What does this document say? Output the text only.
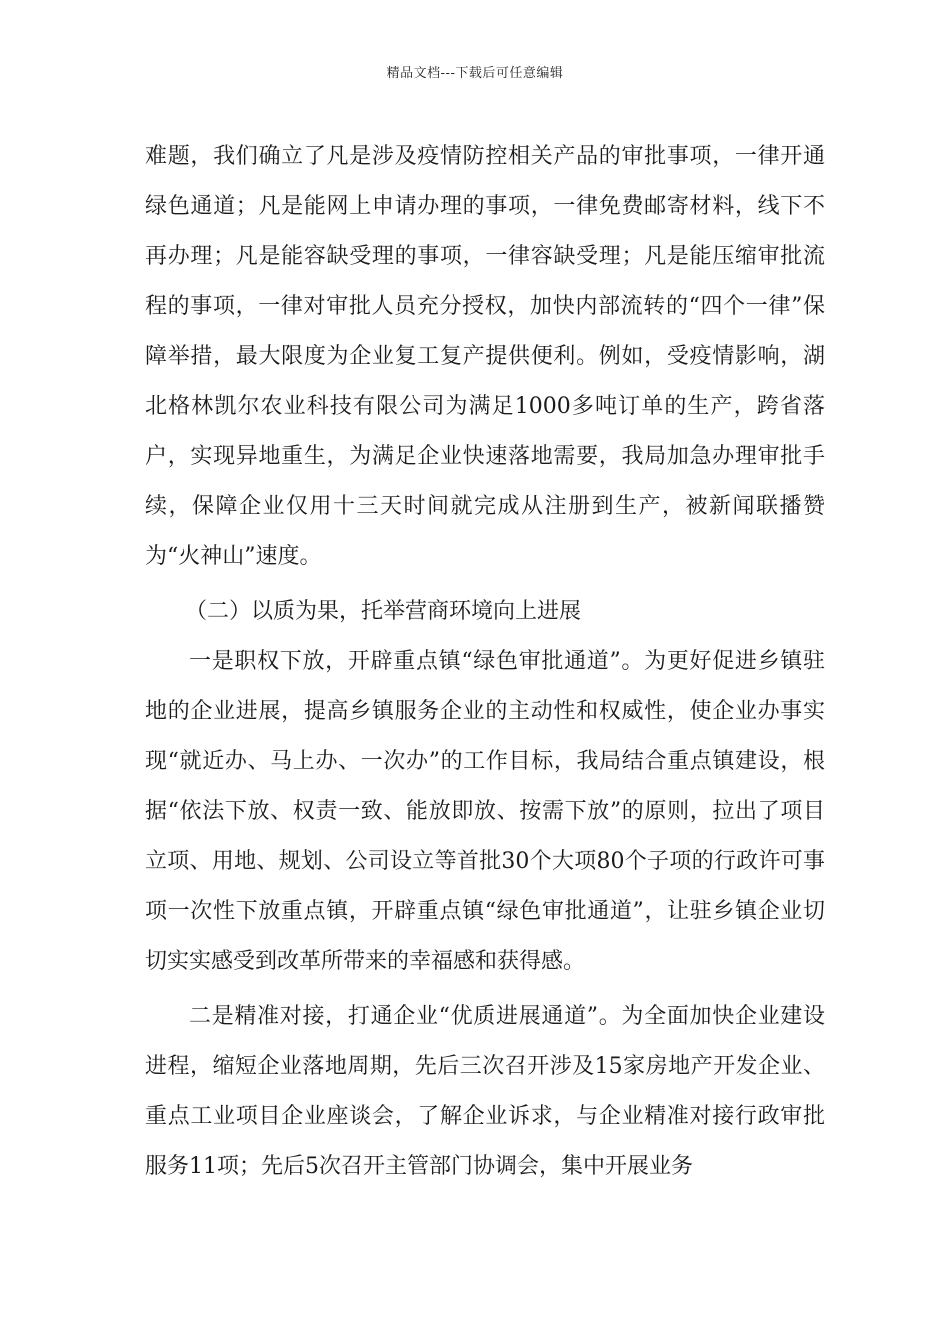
精品文档---下载后可任意编辑

难题，我们确立了凡是涉及疫情防控相关产品的审批事项，一律开通绿色通道；凡是能网上申请办理的事项，一律免费邮寄材料，线下不再办理；凡是能容缺受理的事项，一律容缺受理；凡是能压缩审批流程的事项，一律对审批人员充分授权，加快内部流转的“四个一律”保障举措，最大限度为企业复工复产提供便利。例如，受疫情影响，湖北格林凯尔农业科技有限公司为满足1000多吨订单的生产，跨省落户，实现异地重生，为满足企业快速落地需要，我局加急办理审批手续，保障企业仅用十三天时间就完成从注册到生产，被新闻联播赞为“火神山”速度。

（二）以质为果，托举营商环境向上进展

一是职权下放，开辟重点镇“绿色审批通道”。为更好促进乡镇驻地的企业进展，提高乡镇服务企业的主动性和权威性，使企业办事实现“就近办、马上办、一次办”的工作目标，我局结合重点镇建设，根据“依法下放、权责一致、能放即放、按需下放”的原则，拉出了项目立项、用地、规划、公司设立等首批30个大项80个子项的行政许可事项一次性下放重点镇，开辟重点镇“绿色审批通道”，让驻乡镇企业切切实实感受到改革所带来的幸福感和获得感。

二是精准对接，打通企业“优质进展通道”。为全面加快企业建设进程，缩短企业落地周期，先后三次召开涉及15家房地产开发企业、重点工业项目企业座谈会，了解企业诉求，与企业精准对接行政审批服务11项；先后5次召开主管部门协调会，集中开展业务
